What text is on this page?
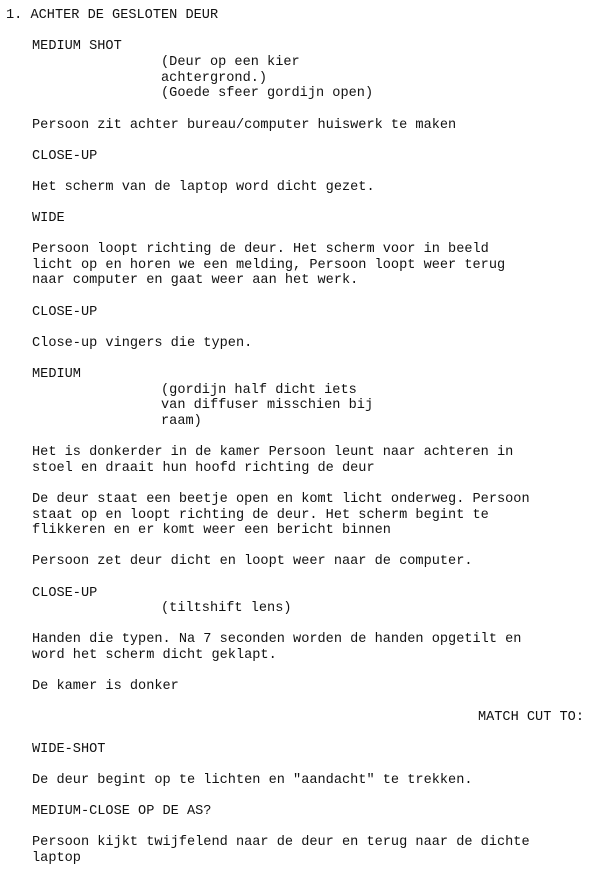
1. ACHTER DE GESLOTEN DEUR
MEDIUM SHOT
(Deur op een kier
achtergrond.)
(Goede sfeer gordijn open)
Persoon zit achter bureau/computer huiswerk te maken
CLOSE-UP
Het scherm van de laptop word dicht gezet.
WIDE
Persoon loopt richting de deur. Het scherm voor in beeld
licht op en horen we een melding, Persoon loopt weer terug
naar computer en gaat weer aan het werk.
CLOSE-UP
Close-up vingers die typen.
MEDIUM
(gordijn half dicht iets
van diffuser misschien bij
raam)
Het is donkerder in de kamer Persoon leunt naar achteren in
stoel en draait hun hoofd richting de deur
De deur staat een beetje open en komt licht onderweg. Persoon
staat op en loopt richting de deur. Het scherm begint te
flikkeren en er komt weer een bericht binnen
Persoon zet deur dicht en loopt weer naar de computer.
CLOSE-UP
(tiltshift lens)
Handen die typen. Na 7 seconden worden de handen opgetilt en
word het scherm dicht geklapt.
De kamer is donker
MATCH CUT TO:
WIDE-SHOT
De deur begint op te lichten en "aandacht" te trekken.
MEDIUM-CLOSE OP DE AS?
Persoon kijkt twijfelend naar de deur en terug naar de dichte
laptop
